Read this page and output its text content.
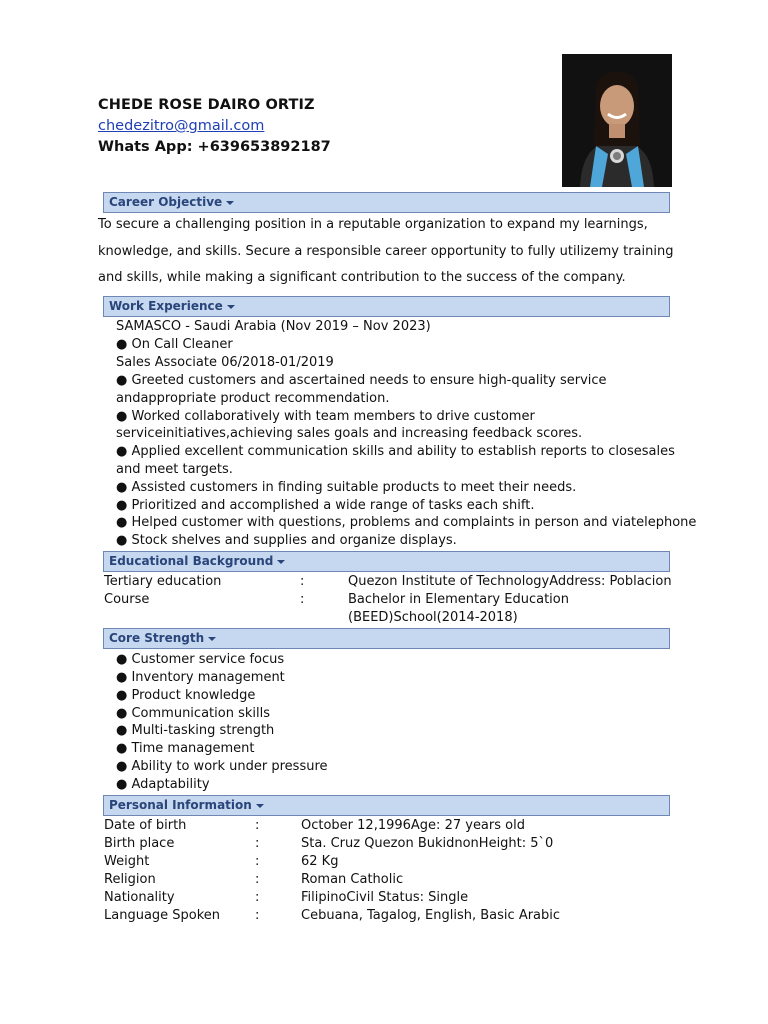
CHEDE ROSE DAIRO ORTIZ
chedezitro@gmail.com
Whats App: +639653892187
Career Objective
To secure a challenging position in a reputable organization to expand my learnings, knowledge, and skills. Secure a responsible career opportunity to fully utilizemy training and skills, while making a significant contribution to the success of the company.
Work Experience
SAMASCO - Saudi Arabia (Nov 2019 – Nov 2023)
● On Call Cleaner
Sales Associate 06/2018-01/2019
● Greeted customers and ascertained needs to ensure high-quality service andappropriate product recommendation.
● Worked collaboratively with team members to drive customer serviceinitiatives,achieving sales goals and increasing feedback scores.
● Applied excellent communication skills and ability to establish reports to closesales and meet targets.
● Assisted customers in finding suitable products to meet their needs.
● Prioritized and accomplished a wide range of tasks each shift.
● Helped customer with questions, problems and complaints in person and viatelephone
● Stock shelves and supplies and organize displays.
Educational Background
Tertiary education	:	Quezon Institute of TechnologyAddress: Poblacion
Course	:	Bachelor in Elementary Education (BEED)School(2014-2018)
Core Strength
● Customer service focus
● Inventory management
● Product knowledge
● Communication skills
● Multi-tasking strength
● Time management
● Ability to work under pressure
● Adaptability
Personal Information
Date of birth	:	October 12,1996Age: 27 years old
Birth place	:	Sta. Cruz Quezon BukidnonHeight: 5`0
Weight	:	62 Kg
Religion	:	Roman Catholic
Nationality	:	FilipinoCivil Status: Single
Language Spoken	:	Cebuana, Tagalog, English, Basic Arabic
